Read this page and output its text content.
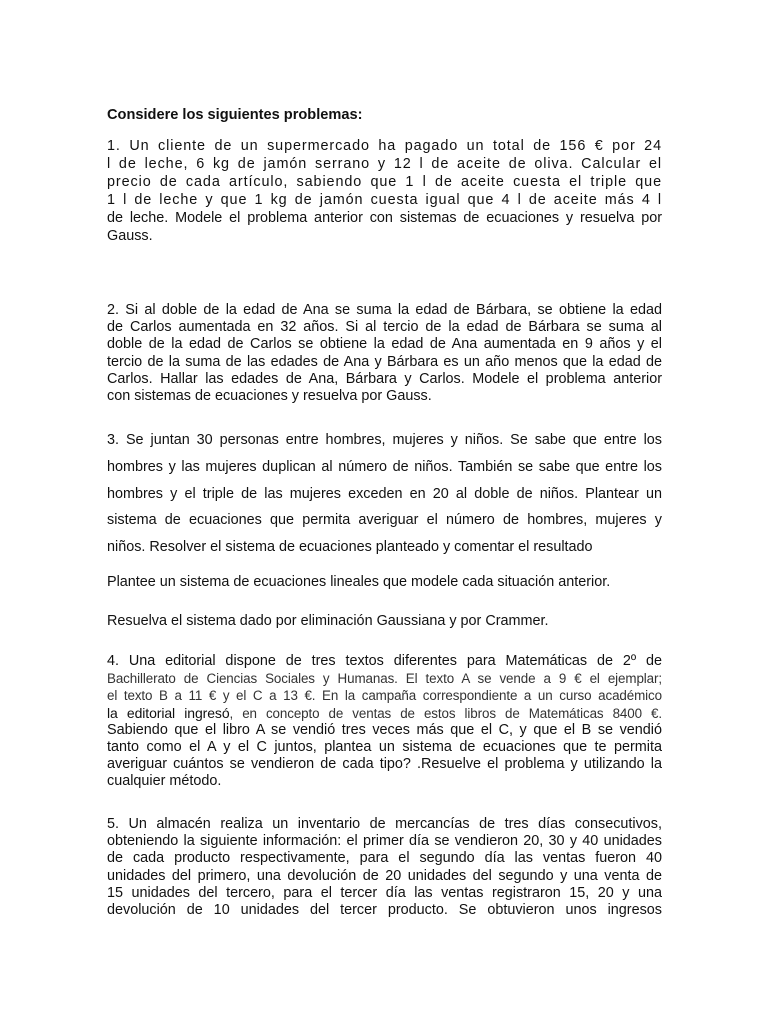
Considere los siguientes problemas:
1. Un cliente de un supermercado ha pagado un total de 156 € por 24
l de leche, 6 kg de jamón serrano y 12 l de aceite de oliva. Calcular el
precio de cada artículo, sabiendo que 1 l de aceite cuesta el triple que
1 l de leche y que 1 kg de jamón cuesta igual que 4 l de aceite más 4 l
de leche. Modele el problema anterior con sistemas de ecuaciones y resuelva por
Gauss.
2. Si al doble de la edad de Ana se suma la edad de Bárbara, se obtiene la edad
de Carlos aumentada en 32 años. Si al tercio de la edad de Bárbara se suma al
doble de la edad de Carlos se obtiene la edad de Ana aumentada en 9 años y el
tercio de la suma de las edades de Ana y Bárbara es un año menos que la edad de
Carlos. Hallar las edades de Ana, Bárbara y Carlos. Modele el problema anterior
con sistemas de ecuaciones y resuelva por Gauss.
3. Se juntan 30 personas entre hombres, mujeres y niños. Se sabe que entre los
hombres y las mujeres duplican al número de niños. También se sabe que entre los
hombres y el triple de las mujeres exceden en 20 al doble de niños. Plantear un
sistema de ecuaciones que permita averiguar el número de hombres, mujeres y
niños. Resolver el sistema de ecuaciones planteado y comentar el resultado
Plantee un sistema de ecuaciones lineales que modele cada situación anterior.
Resuelva el sistema dado por eliminación Gaussiana y por Crammer.
4. Una editorial dispone de tres textos diferentes para Matemáticas de 2º de
Bachillerato de Ciencias Sociales y Humanas. El texto A se vende a 9 € el ejemplar;
el texto B a 11 € y el C a 13 €. En la campaña correspondiente a un curso académico
la editorial ingresó, en concepto de ventas de estos libros de Matemáticas 8400 €.
Sabiendo que el libro A se vendió tres veces más que el C, y que el B se vendió
tanto como el A y el C juntos, plantea un sistema de ecuaciones que te permita
averiguar cuántos se vendieron de cada tipo? .Resuelve el problema y utilizando la
cualquier método.
5. Un almacén realiza un inventario de mercancías de tres días consecutivos,
obteniendo la siguiente información: el primer día se vendieron 20, 30 y 40 unidades
de cada producto respectivamente, para el segundo día las ventas fueron 40
unidades del primero, una devolución de 20 unidades del segundo y una venta de
15 unidades del tercero, para el tercer día las ventas registraron 15, 20 y una
devolución de 10 unidades del tercer producto. Se obtuvieron unos ingresos
